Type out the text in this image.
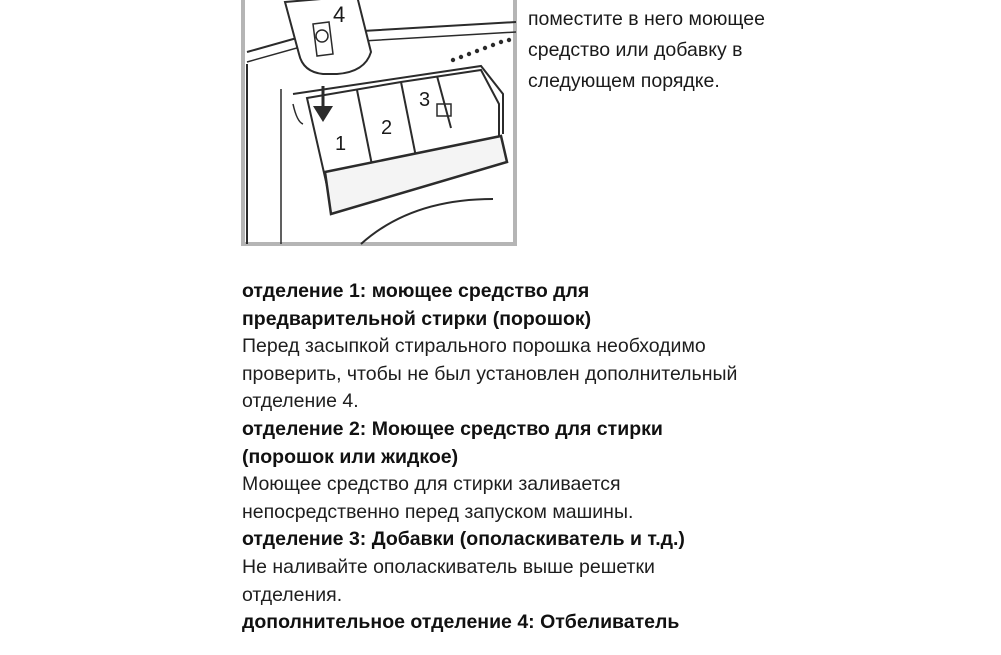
1
2
3
4	поместите в него моющее
средство или добавку в
следующем порядке.
отделение 1: моющее средство для
предварительной стирки (порошок)
Перед засыпкой стирального порошка необходимо
проверить, чтобы не был установлен дополнительный
отделение 4.
отделение 2: Моющее средство для стирки
(порошок или жидкое)
Моющее средство для стирки заливается
непосредственно перед запуском машины.
отделение 3: Добавки (ополаскиватель и т.д.)
Не наливайте ополаскиватель выше решетки
отделения.
дополнительное отделение 4: Отбеливатель
